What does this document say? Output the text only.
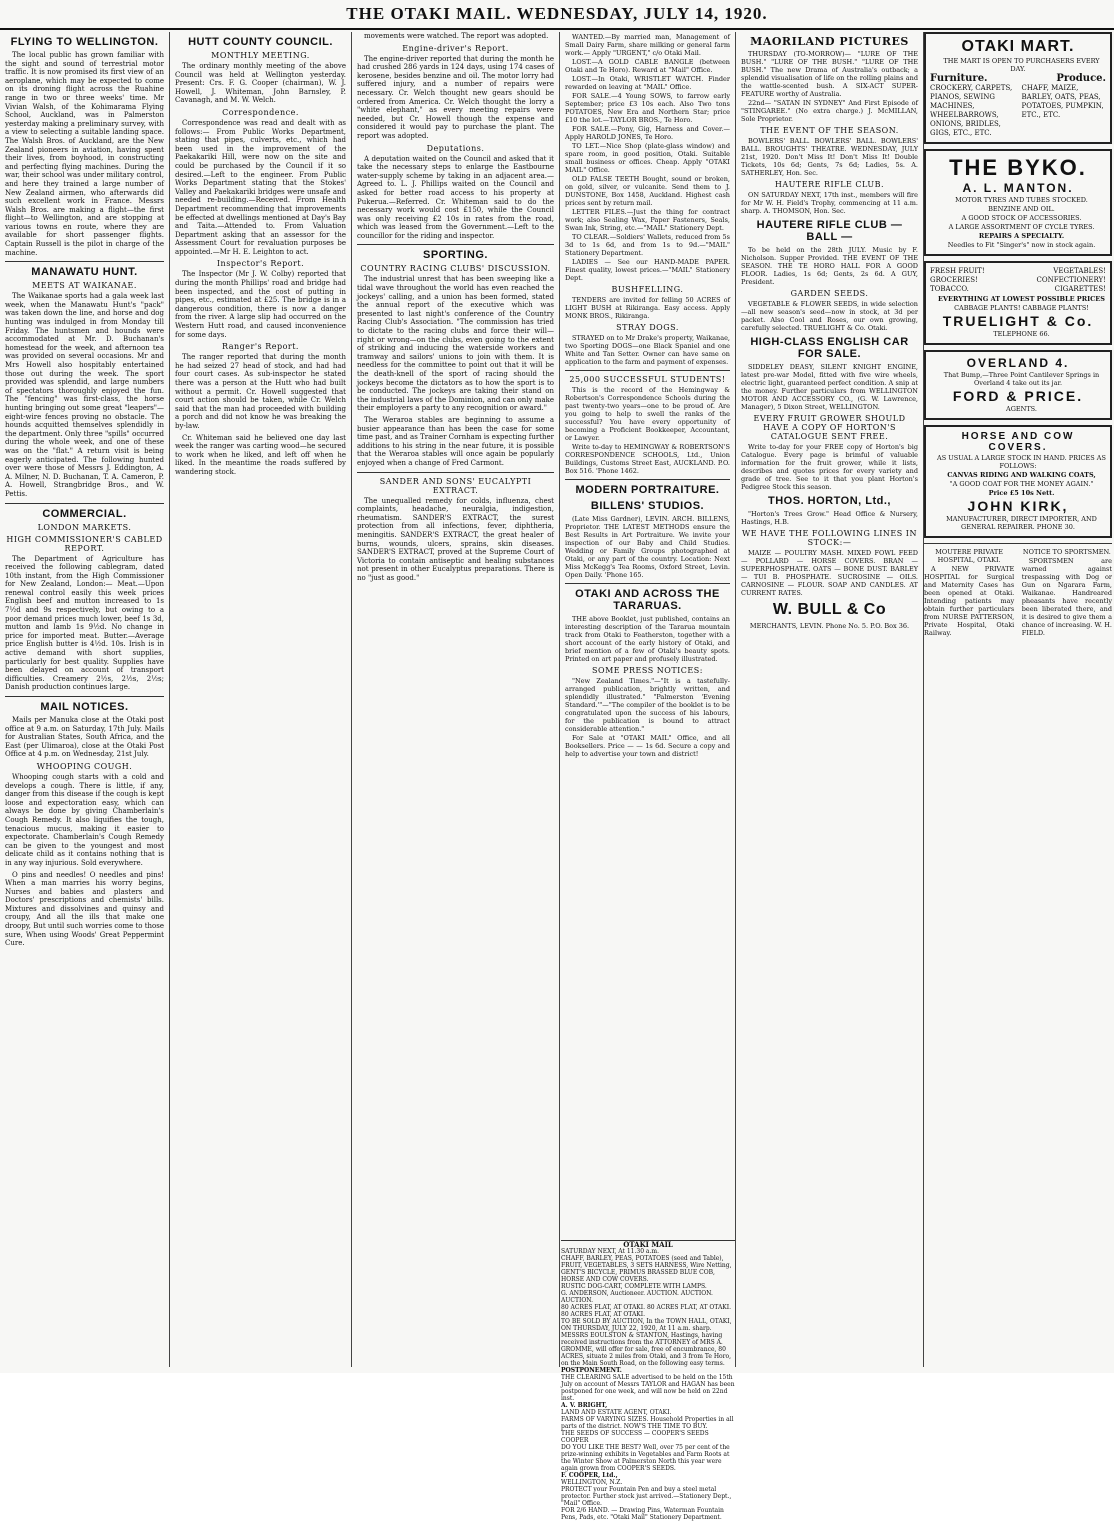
THE OTAKI MAIL. WEDNESDAY, JULY 14, 1920.
FLYING TO WELLINGTON.

The local public has grown familiar with the sight and sound of terrestrial motor traffic. It is now promised its first view of an aeroplane, which may be expected to come on its droning flight across the Ruahine range in two or three weeks' time. Mr Vivian Walsh, of the Kohimarama Flying School, Auckland, was in Palmerston yesterday making a preliminary survey, with a view to selecting a suitable landing space. The Walsh Bros. of Auckland, are the New Zealand pioneers in aviation, having spent their lives, from boyhood, in constructing and perfecting flying machines. During the war, their school was under military control, and here they trained a large number of New Zealand airmen, who afterwards did such excellent work in France. Messrs Walsh Bros. are making a flight—the first flight—to Wellington, and are stopping at various towns en route, where they are available for short passenger flights. Captain Russell is the pilot in charge of the machine.

MANAWATU HUNT.
MEETS AT WAIKANAE.

The Waikanae sports had a gala week last week, when the Manawatu Hunt's "pack" was taken down the line, and horse and dog hunting was indulged in from Monday till Friday. The huntsmen and hounds were accommodated at Mr. D. Buchanan's homestead for the week, and afternoon tea was provided on several occasions. Mr and Mrs Howell also hospitably entertained those out during the week. The sport provided was splendid, and large numbers of spectators thoroughly enjoyed the fun. The "fencing" was first-class, the horse hunting bringing out some great "leapers"—eight-wire fences proving no obstacle. The hounds acquitted themselves splendidly in the department. Only three "spills" occurred during the whole week, and one of these was on the "flat." A return visit is being eagerly anticipated. The following hunted over were those of Messrs J. Eddington, A. A. Milner, N. D. Buchanan, T. A. Cameron, P. A. Howell, Strangbridge Bros., and W. Pettis.

COMMERCIAL.
LONDON MARKETS.
HIGH COMMISSIONER'S CABLED REPORT.

The Department of Agriculture has received the following cablegram, dated 10th instant, from the High Commissioner for New Zealand, London:— Meat.—Upon renewal control easily this week prices English beef and mutton increased to 1s 7½d and 9s respectively, but owing to a poor demand prices much lower, beef 1s 3d, mutton and lamb 1s 9½d. No change in price for imported meat. Butter.—Average price English butter is 4½d. 10s. Irish is in active demand with short supplies, particularly for best quality. Supplies have been delayed on account of transport difficulties. Creamery 2½s, 2½s, 2½s; Danish production continues large.

MAIL NOTICES.

Mails per Manuka close at the Otaki post office at 9 a.m. on Saturday, 17th July. Mails for Australian States, South Africa, and the East (per Ulimaroa), close at the Otaki Post Office at 4 p.m. on Wednesday, 21st July.

WHOOPING COUGH.

Whooping cough starts with a cold and develops a cough. There is little, if any, danger from this disease if the cough is kept loose and expectoration easy, which can always be done by giving Chamberlain's Cough Remedy. It also liquifies the tough, tenacious mucus, making it easier to expectorate. Chamberlain's Cough Remedy can be given to the youngest and most delicate child as it contains nothing that is in any way injurious. Sold everywhere.

O pins and needles! O needles and pins! When a man marries his worry begins, Nurses and babies and plasters and Doctors' prescriptions and chemists' bills. Mixtures and dissolvines and quinsy and croupy, And all the ills that make one droopy, But until such worries come to those sure, When using Woods' Great Peppermint Cure.

HUTT COUNTY COUNCIL.
MONTHLY MEETING.

The ordinary monthly meeting of the above Council was held at Wellington yesterday. Present: Crs. F. G. Cooper (chairman), W. J. Howell, J. Whiteman, John Barnsley, P. Cavanagh, and M. W. Welch.

Correspondence.

Correspondence was read and dealt with as follows:— From Public Works Department, stating that pipes, culverts, etc., which had been used in the improvement of the Paekakariki Hill, were now on the site and could be purchased by the Council if it so desired.—Left to the engineer. From Public Works Department stating that the Stokes' Valley and Paekakariki bridges were unsafe and needed re-building.—Received. From Health Department recommending that improvements be effected at dwellings mentioned at Day's Bay and Taita.—Attended to. From Valuation Department asking that an assessor for the Assessment Court for revaluation purposes be appointed.—Mr H. E. Leighton to act.

Inspector's Report.

The Inspector (Mr J. W. Colby) reported that during the month Phillips' road and bridge had been inspected, and the cost of putting in pipes, etc., estimated at £25. The bridge is in a dangerous condition, there is now a danger from the river. A large slip had occurred on the Western Hutt road, and caused inconvenience for some days.

Ranger's Report.

The ranger reported that during the month he had seized 27 head of stock, and had had four court cases. As sub-inspector he stated there was a person at the Hutt who had built without a permit. Cr. Howell suggested that court action should be taken, while Cr. Welch said that the man had proceeded with building a porch and did not know he was breaking the by-law.

Cr. Whiteman said he believed one day last week the ranger was carting wood—he secured to work when he liked, and left off when he liked. In the meantime the roads suffered by wandering stock.

movements were watched. The report was adopted.

Engine-driver's Report.

The engine-driver reported that during the month he had crushed 286 yards in 124 days, using 174 cases of kerosene, besides benzine and oil. The motor lorry had suffered injury, and a number of repairs were necessary. Cr. Welch thought new gears should be ordered from America. Cr. Welch thought the lorry a "white elephant," as every meeting repairs were needed, but Cr. Howell though the expense and considered it would pay to purchase the plant. The report was adopted.

Deputations.

A deputation waited on the Council and asked that it take the necessary steps to enlarge the Eastbourne water-supply scheme by taking in an adjacent area.—Agreed to. L. J. Phillips waited on the Council and asked for better road access to his property at Pukerua.—Referred. Cr. Whiteman said to do the necessary work would cost £150, while the Council was only receiving £2 10s in rates from the road, which was leased from the Government.—Left to the councillor for the riding and inspector.

SPORTING.
COUNTRY RACING CLUBS' DISCUSSION.

The industrial unrest that has been sweeping like a tidal wave throughout the world has even reached the jockeys' calling, and a union has been formed, stated the annual report of the executive which was presented to last night's conference of the Country Racing Club's Association. "The commission has tried to dictate to the racing clubs and force their will—right or wrong—on the clubs, even going to the extent of striking and inducing the waterside workers and tramway and sailors' unions to join with them. It is needless for the committee to point out that it will be the death-knell of the sport of racing should the jockeys become the dictators as to how the sport is to be conducted. The jockeys are taking their stand on the industrial laws of the Dominion, and can only make their employers a party to any recognition or award."

The Weraroa stables are beginning to assume a busier appearance than has been the case for some time past, and as Trainer Cornham is expecting further additions to his string in the near future, it is possible that the Weraroa stables will once again be popularly enjoyed when a change of Fred Carmont.

SANDER AND SONS' EUCALYPTI EXTRACT.

The unequalled remedy for colds, influenza, chest complaints, headache, neuralgia, indigestion, rheumatism. SANDER'S EXTRACT, the surest protection from all infections, fever, diphtheria, meningitis. SANDER'S EXTRACT, the great healer of burns, wounds, ulcers, sprains, skin diseases. SANDER'S EXTRACT, proved at the Supreme Court of Victoria to contain antiseptic and healing substances not present in other Eucalyptus preparations. There is no "just as good."

WANTED.—By married man, Management of Small Dairy Farm, share milking or general farm work.— Apply "URGENT," c/o Otaki Mail.

LOST.—A GOLD CABLE BANGLE (between Otaki and Te Horo). Reward at "Mail" Office.

LOST.—In Otaki, WRISTLET WATCH. Finder rewarded on leaving at "MAIL" Office.

FOR SALE.—4 Young SOWS, to farrow early September; price £3 10s each. Also Two tons POTATOES, New Era and Northern Star; price £10 the lot.—TAYLOR BROS., Te Horo.

FOR SALE.—Pony, Gig, Harness and Cover.—Apply HAROLD JONES, Te Horo.

TO LET.—Nice Shop (plate-glass window) and spare room, in good position, Otaki. Suitable small business or offices. Cheap. Apply "OTAKI MAIL" Office.

OLD FALSE TEETH Bought, sound or broken, on gold, silver, or vulcanite. Send them to J. DUNSTONE, Box 1458, Auckland. Highest cash prices sent by return mail.

LETTER FILES.—Just the thing for contract work; also Sealing Wax, Paper Fasteners, Seals, Swan Ink, String, etc.—"MAIL" Stationery Dept.

TO CLEAR.—Soldiers' Wallets, reduced from 5s 3d to 1s 6d, and from 1s to 9d.—"MAIL" Stationery Department.

LADIES — See our HAND-MADE PAPER. Finest quality, lowest prices.—"MAIL" Stationery Dept.

BUSHFELLING.

TENDERS are invited for felling 50 ACRES of LIGHT BUSH at Rikiranga. Easy access. Apply MONK BROS., Rikiranga.

STRAY DOGS.

STRAYED on to Mr Drake's property, Waikanae, two Sporting DOGS—one Black Spaniel and one White and Tan Setter. Owner can have same on application to the farm and payment of expenses.

25,000 SUCCESSFUL STUDENTS!

This is the record of the Hemingway & Robertson's Correspondence Schools during the past twenty-two years—one to be proud of. Are you going to help to swell the ranks of the successful? You have every opportunity of becoming a Proficient Bookkeeper, Accountant, or Lawyer.

Write to-day to HEMINGWAY & ROBERTSON'S CORRESPONDENCE SCHOOLS, Ltd., Union Buildings, Customs Street East, AUCKLAND. P.O. Box 516. 'Phone 1462.

MODERN PORTRAITURE.
BILLENS' STUDIOS.

(Late Miss Gardner), LEVIN. ARCH. BILLENS, Proprietor. THE LATEST METHODS ensure the Best Results in Art Portraiture. We invite your inspection of our Baby and Child Studies. Wedding or Family Groups photographed at Otaki, or any part of the country. Location: Next Miss McKegg's Tea Rooms, Oxford Street, Levin. Open Daily. 'Phone 165.

OTAKI AND ACROSS THE TARARUAS.

THE above Booklet, just published, contains an interesting description of the Tararua mountain track from Otaki to Featherston, together with a short account of the early history of Otaki, and brief mention of a few of Otaki's beauty spots. Printed on art paper and profusely illustrated.

SOME PRESS NOTICES:

"New Zealand Times."—"It is a tastefully-arranged publication, brightly written, and splendidly illustrated." "Palmerston 'Evening Standard.'"—"The compiler of the booklet is to be congratulated upon the success of his labours, for the publication is bound to attract considerable attention."

For Sale at "OTAKI MAIL" Office, and all Booksellers. Price — — 1s 6d. Secure a copy and help to advertise your town and district!

MAORILAND PICTURES

THURSDAY (TO-MORROW)— "LURE OF THE BUSH." "LURE OF THE BUSH." "LURE OF THE BUSH." The new Drama of Australia's outback; a splendid visualisation of life on the rolling plains and the wattle-scented bush. A SIX-ACT SUPER-FEATURE worthy of Australia.

22nd— "SATAN IN SYDNEY" And First Episode of "STINGAREE." (No extra charge.) J. McMILLAN, Sole Proprietor.

THE EVENT OF THE SEASON.

BOWLERS' BALL. BOWLERS' BALL. BOWLERS' BALL. BROUGHTS' THEATRE. WEDNESDAY, JULY 21st, 1920. Don't Miss It! Don't Miss It! Double Tickets, 10s 6d; Gents, 7s 6d; Ladies, 5s. A. SATHERLEY, Hon. Sec.

HAUTERE RIFLE CLUB.

ON SATURDAY NEXT, 17th inst., members will fire for Mr W. H. Field's Trophy, commencing at 11 a.m. sharp. A. THOMSON, Hon. Sec.

HAUTERE RIFLE CLUB — BALL —

To be held on the 28th JULY. Music by F. Nicholson. Supper Provided. THE EVENT OF THE SEASON. THE TE HORO HALL FOR A GOOD FLOOR. Ladies, 1s 6d; Gents, 2s 6d. A GUY, President.

GARDEN SEEDS.

VEGETABLE & FLOWER SEEDS, in wide selection—all new season's seed—now in stock, at 3d per packet. Also Cool and Roses, our own growing, carefully selected. TRUELIGHT & Co. Otaki.

HIGH-CLASS ENGLISH CAR FOR SALE.

SIDDELEY DEASY, SILENT KNIGHT ENGINE, latest pre-war Model, fitted with five wire wheels, electric light, guaranteed perfect condition. A snip at the money. Further particulars from WELLINGTON MOTOR AND ACCESSORY CO., (G. W. Lawrence, Manager), 5 Dixon Street, WELLINGTON.

EVERY FRUIT GROWER SHOULD HAVE A COPY OF HORTON'S CATALOGUE SENT FREE.

Write to-day for your FREE copy of Horton's big Catalogue. Every page is brimful of valuable information for the fruit grower, while it lists, describes and quotes prices for every variety and grade of tree. See to it that you plant Horton's Pedigree Stock this season.

THOS. HORTON, Ltd.,

"Horton's Trees Grow." Head Office & Nursery, Hastings, H.B.

WE HAVE THE FOLLOWING LINES IN STOCK:—

MAIZE — POULTRY MASH. MIXED FOWL FEED — POLLARD — HORSE COVERS. BRAN — SUPERPHOSPHATE. OATS — BONE DUST. BARLEY — TUI B. PHOSPHATE. SUCROSINE — OILS. CARNOSINE — FLOUR. SOAP AND CANDLES. AT CURRENT RATES.

W. BULL & Co

MERCHANTS, LEVIN. Phone No. 5. P.O. Box 36.

OTAKI MART.

THE MART IS OPEN TO PURCHASERS EVERY DAY.

Furniture.	Produce.
CROCKERY, CARPETS, PIANOS, SEWING MACHINES, WHEELBARROWS, ONIONS, BRIDLES, GIGS, ETC., ETC.
CHAFF, MAIZE, BARLEY, OATS, PEAS, POTATOES, PUMPKIN, ETC., ETC.
THE BYKO.
A. L. MANTON.

MOTOR TYRES AND TUBES STOCKED.

BENZINE AND OIL.

A GOOD STOCK OF ACCESSORIES.

A LARGE ASSORTMENT OF CYCLE TYRES.

REPAIRS A SPECIALTY.

Needles to Fit "Singer's" now in stock again.

FRESH FRUIT!	VEGETABLES!
GROCERIES!	CONFECTIONERY!
TOBACCO.	CIGARETTES!

EVERYTHING AT LOWEST POSSIBLE PRICES

CABBAGE PLANTS! CABBAGE PLANTS!

TRUELIGHT & Co.

TELEPHONE 66.

OVERLAND 4.

That Bump,—Three Point Cantilever Springs in Overland 4 take out its jar.

FORD & PRICE.

AGENTS.

HORSE AND COW COVERS.

AS USUAL A LARGE STOCK IN HAND. PRICES AS FOLLOWS:

CANVAS RIDING AND WALKING COATS,

"A GOOD COAT FOR THE MONEY AGAIN."

Price £5 10s Nett.

JOHN KIRK,

MANUFACTURER, DIRECT IMPORTER, AND GENERAL REPAIRER. PHONE 30.

MOUTERE PRIVATE HOSPITAL, OTAKI.

A NEW PRIVATE HOSPITAL for Surgical and Maternity Cases has been opened at Otaki. Intending patients may obtain further particulars from NURSE PATTERSON, Private Hospital, Otaki Railway.

NOTICE TO SPORTSMEN.

SPORTSMEN are warned against trespassing with Dog or Gun on Ngarara Farm, Waikanae. Handreared pheasants have recently been liberated there, and it is desired to give them a chance of increasing. W. H. FIELD.

OTAKI MAIL
SATURDAY NEXT, At 11.30 a.m.
CHAFF, BARLEY, PEAS, POTATOES (seed and Table), FRUIT, VEGETABLES, 3 SETS HARNESS, Wire Netting, GENT'S BICYCLE, PRIMUS BRASSED BLUE COB, HORSE AND COW COVERS.
RUSTIC DOG-CART, COMPLETE WITH LAMPS.
G. ANDERSON, Auctioneer. AUCTION. AUCTION. AUCTION.
80 ACRES FLAT, AT OTAKI. 80 ACRES FLAT, AT OTAKI. 80 ACRES FLAT, AT OTAKI.
TO BE SOLD BY AUCTION, In the TOWN HALL, OTAKI, ON THURSDAY, JULY 22, 1920, At 11 a.m. sharp.
MESSRS EOULSTON & STANTON, Hastings, having received instructions from the ATTORNEY of MRS A. GROMME, will offer for sale, free of encumbrance, 80 ACRES, situate 2 miles from Otaki, and 3 from Te Horo, on the Main South Road, on the following easy terms.
POSTPONEMENT.
THE CLEARING SALE advertised to be held on the 15th July on account of Messrs TAYLOR and HAGAN has been postponed for one week, and will now be held on 22nd inst.
A. V. BRIGHT,
LAND AND ESTATE AGENT, OTAKI.
FARMS OF VARYING SIZES. Household Properties in all parts of the district. NOW'S THE TIME TO BUY.
THE SEEDS OF SUCCESS — COOPER'S SEEDS
COOPER
DO YOU LIKE THE BEST? Well, over 75 per cent of the prize-winning exhibits in Vegetables and Farm Roots at the Winter Show at Palmerston North this year were again grown from COOPER'S SEEDS.
F. COOPER, Ltd.,
WELLINGTON, N.Z.
PROTECT your Fountain Pen and buy a steel metal protector. Further stock just arrived.—Stationery Dept., "Mail" Office.
FOR 2/6 HAND. — Drawing Pins, Waterman Fountain Pens, Pads, etc. "Otaki Mail" Stationery Department.
